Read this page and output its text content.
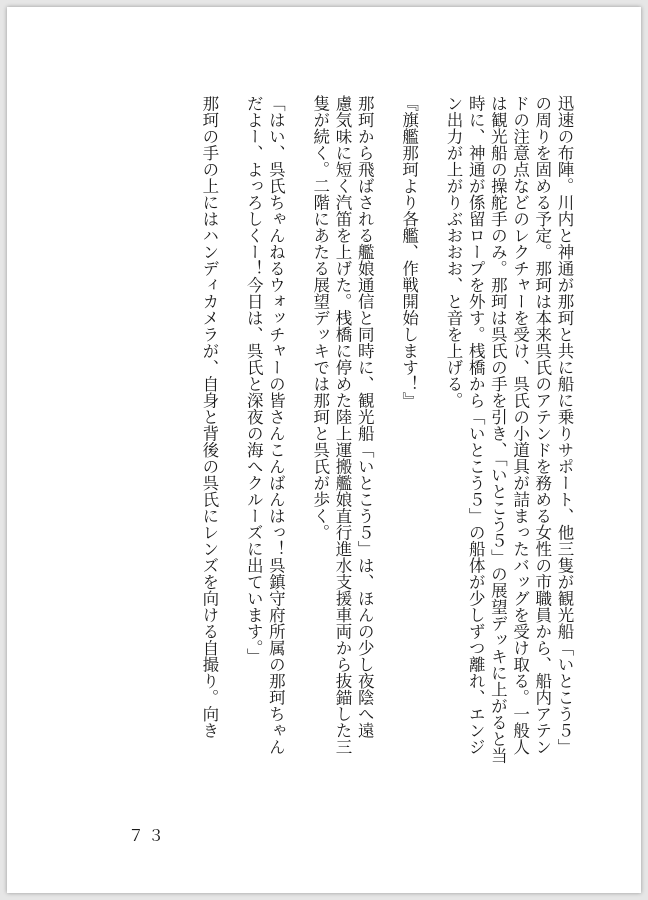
迅速の布陣。川内と神通が那珂と共に船に乗りサポート、他三隻が観光船「いとこう５」
の周りを固める予定。那珂は本来呉氏のアテンドを務める女性の市職員から、船内アテン
ドの注意点などのレクチャーを受け、呉氏の小道具が詰まったバッグを受け取る。一般人
は観光船の操舵手のみ。那珂は呉氏の手を引き、「いとこう５」の展望デッキに上がると当
時に、神通が係留ロープを外す。桟橋から「いとこう５」の船体が少しずつ離れ、エンジ
ン出力が上がりぶおおお、と音を上げる。
『旗艦那珂より各艦、作戦開始します！』
那珂から飛ばされる艦娘通信と同時に、観光船「いとこう５」は、ほんの少し夜陰へ遠
慮気味に短く汽笛を上げた。桟橋に停めた陸上運搬艦娘直行進水支援車両から抜錨した三
隻が続く。二階にあたる展望デッキでは那珂と呉氏が歩く。
「はい、呉氏ちゃんねるウォッチャーの皆さんこんばんはっ！呉鎮守府所属の那珂ちゃん
だよー、よっろしくー！今日は、呉氏と深夜の海へクルーズに出ています。」
那珂の手の上にはハンディカメラが、自身と背後の呉氏にレンズを向ける自撮り。向き
７３
